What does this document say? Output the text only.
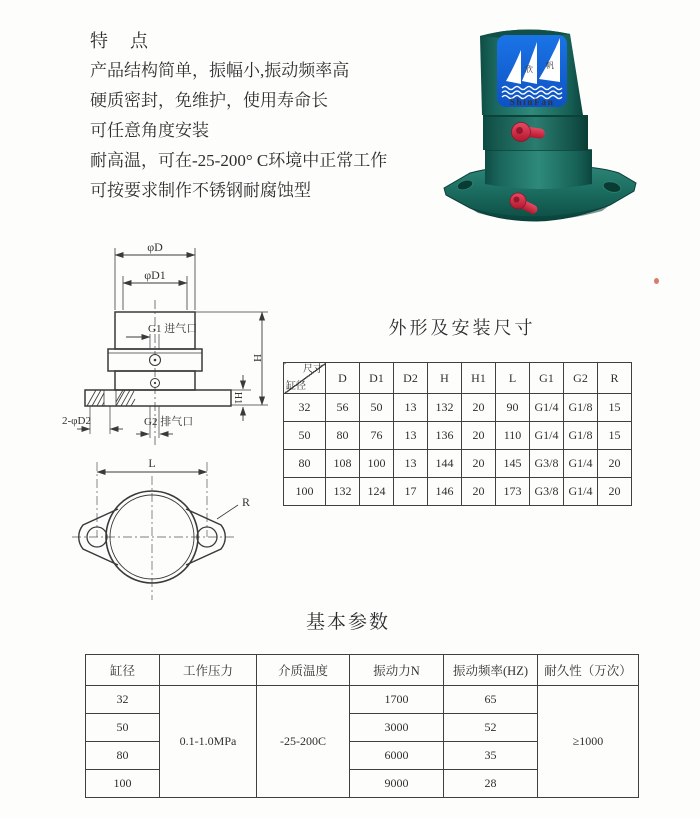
特　点
产品结构简单，振幅小,振动频率高
硬质密封，免维护，使用寿命长
可任意角度安装
耐高温，可在-25-200° C环境中正常工作
可按要求制作不锈钢耐腐蚀型
欣 帆
ShinFan
φD
φD1
G1 进气口
2-φD2	G2 排气口
H
H1
L
R
外形及安装尺寸
尺寸
缸径	D	D1	D2	H	H1	L	G1	G2	R
32	56	50	13	132	20	90	G1/4	G1/8	15
50	80	76	13	136	20	110	G1/4	G1/8	15
80	108	100	13	144	20	145	G3/8	G1/4	20
100	132	124	17	146	20	173	G3/8	G1/4	20
基本参数
缸径	工作压力	介质温度	振动力N	振动频率(HZ)	耐久性（万次）
32	0.1-1.0MPa	-25-200C	1700	65	≥1000
50			3000	52	
80			6000	35	
100			9000	28	
